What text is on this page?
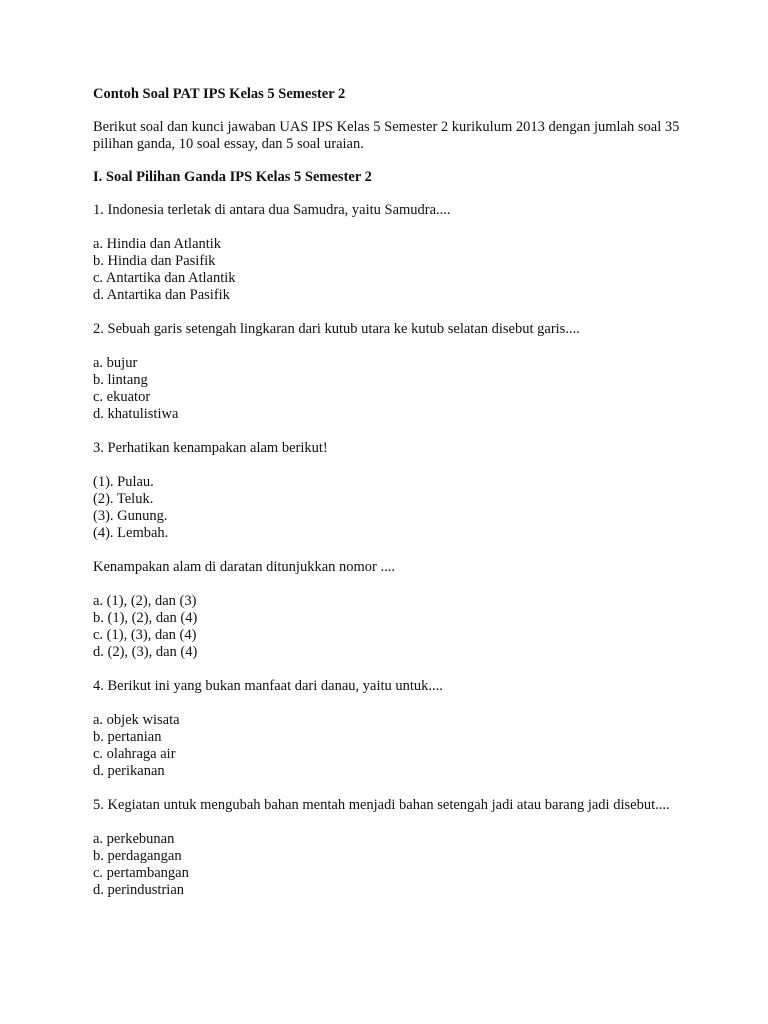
Contoh Soal PAT IPS Kelas 5 Semester 2
Berikut soal dan kunci jawaban UAS IPS Kelas 5 Semester 2 kurikulum 2013 dengan jumlah soal 35 pilihan ganda, 10 soal essay, dan 5 soal uraian.
I. Soal Pilihan Ganda IPS Kelas 5 Semester 2
1. Indonesia terletak di antara dua Samudra, yaitu Samudra....
a. Hindia dan Atlantik
b. Hindia dan Pasifik
c. Antartika dan Atlantik
d. Antartika dan Pasifik
2. Sebuah garis setengah lingkaran dari kutub utara ke kutub selatan disebut garis....
a. bujur
b. lintang
c. ekuator
d. khatulistiwa
3. Perhatikan kenampakan alam berikut!
(1). Pulau.
(2). Teluk.
(3). Gunung.
(4). Lembah.
Kenampakan alam di daratan ditunjukkan nomor ....
a. (1), (2), dan (3)
b. (1), (2), dan (4)
c. (1), (3), dan (4)
d. (2), (3), dan (4)
4. Berikut ini yang bukan manfaat dari danau, yaitu untuk....
a. objek wisata
b. pertanian
c. olahraga air
d. perikanan
5. Kegiatan untuk mengubah bahan mentah menjadi bahan setengah jadi atau barang jadi disebut....
a. perkebunan
b. perdagangan
c. pertambangan
d. perindustrian
